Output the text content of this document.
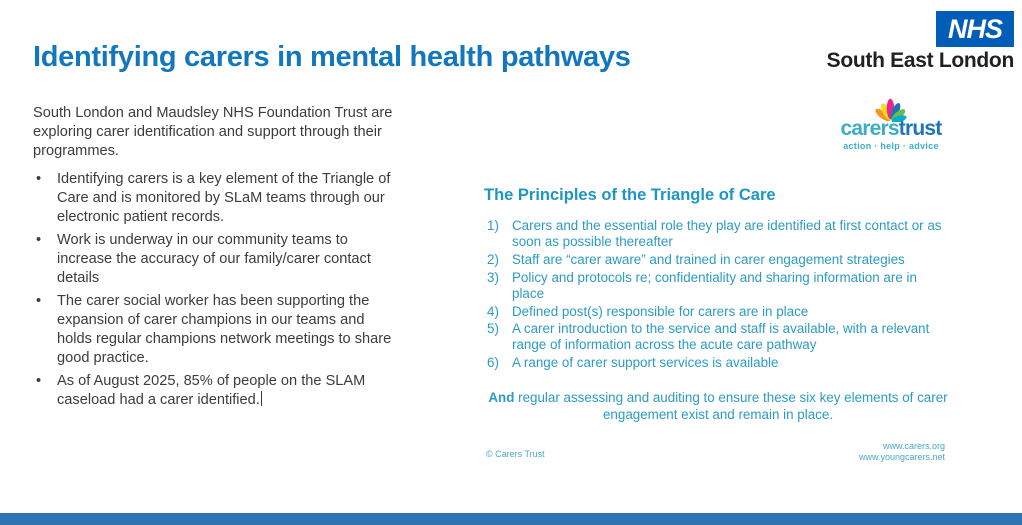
Identifying carers in mental health pathways
NHS
South East London
carerstrust
action · help · advice

South London and Maudsley NHS Foundation Trust are exploring carer identification and support through their programmes.

• Identifying carers is a key element of the Triangle of Care and is monitored by SLaM teams through our electronic patient records.
• Work is underway in our community teams to increase the accuracy of our family/carer contact details
• The carer social worker has been supporting the expansion of carer champions in our teams and holds regular champions network meetings to share good practice.
• As of August 2025, 85% of people on the SLAM caseload had a carer identified.
The Principles of the Triangle of Care
1) Carers and the essential role they play are identified at first contact or as soon as possible thereafter
2) Staff are “carer aware” and trained in carer engagement strategies
3) Policy and protocols re; confidentiality and sharing information are in place
4) Defined post(s) responsible for carers are in place
5) A carer introduction to the service and staff is available, with a relevant range of information across the acute care pathway
6) A range of carer support services is available

And regular assessing and auditing to ensure these six key elements of carer engagement exist and remain in place.

© Carers Trust
www.carers.org
www.youngcarers.net
